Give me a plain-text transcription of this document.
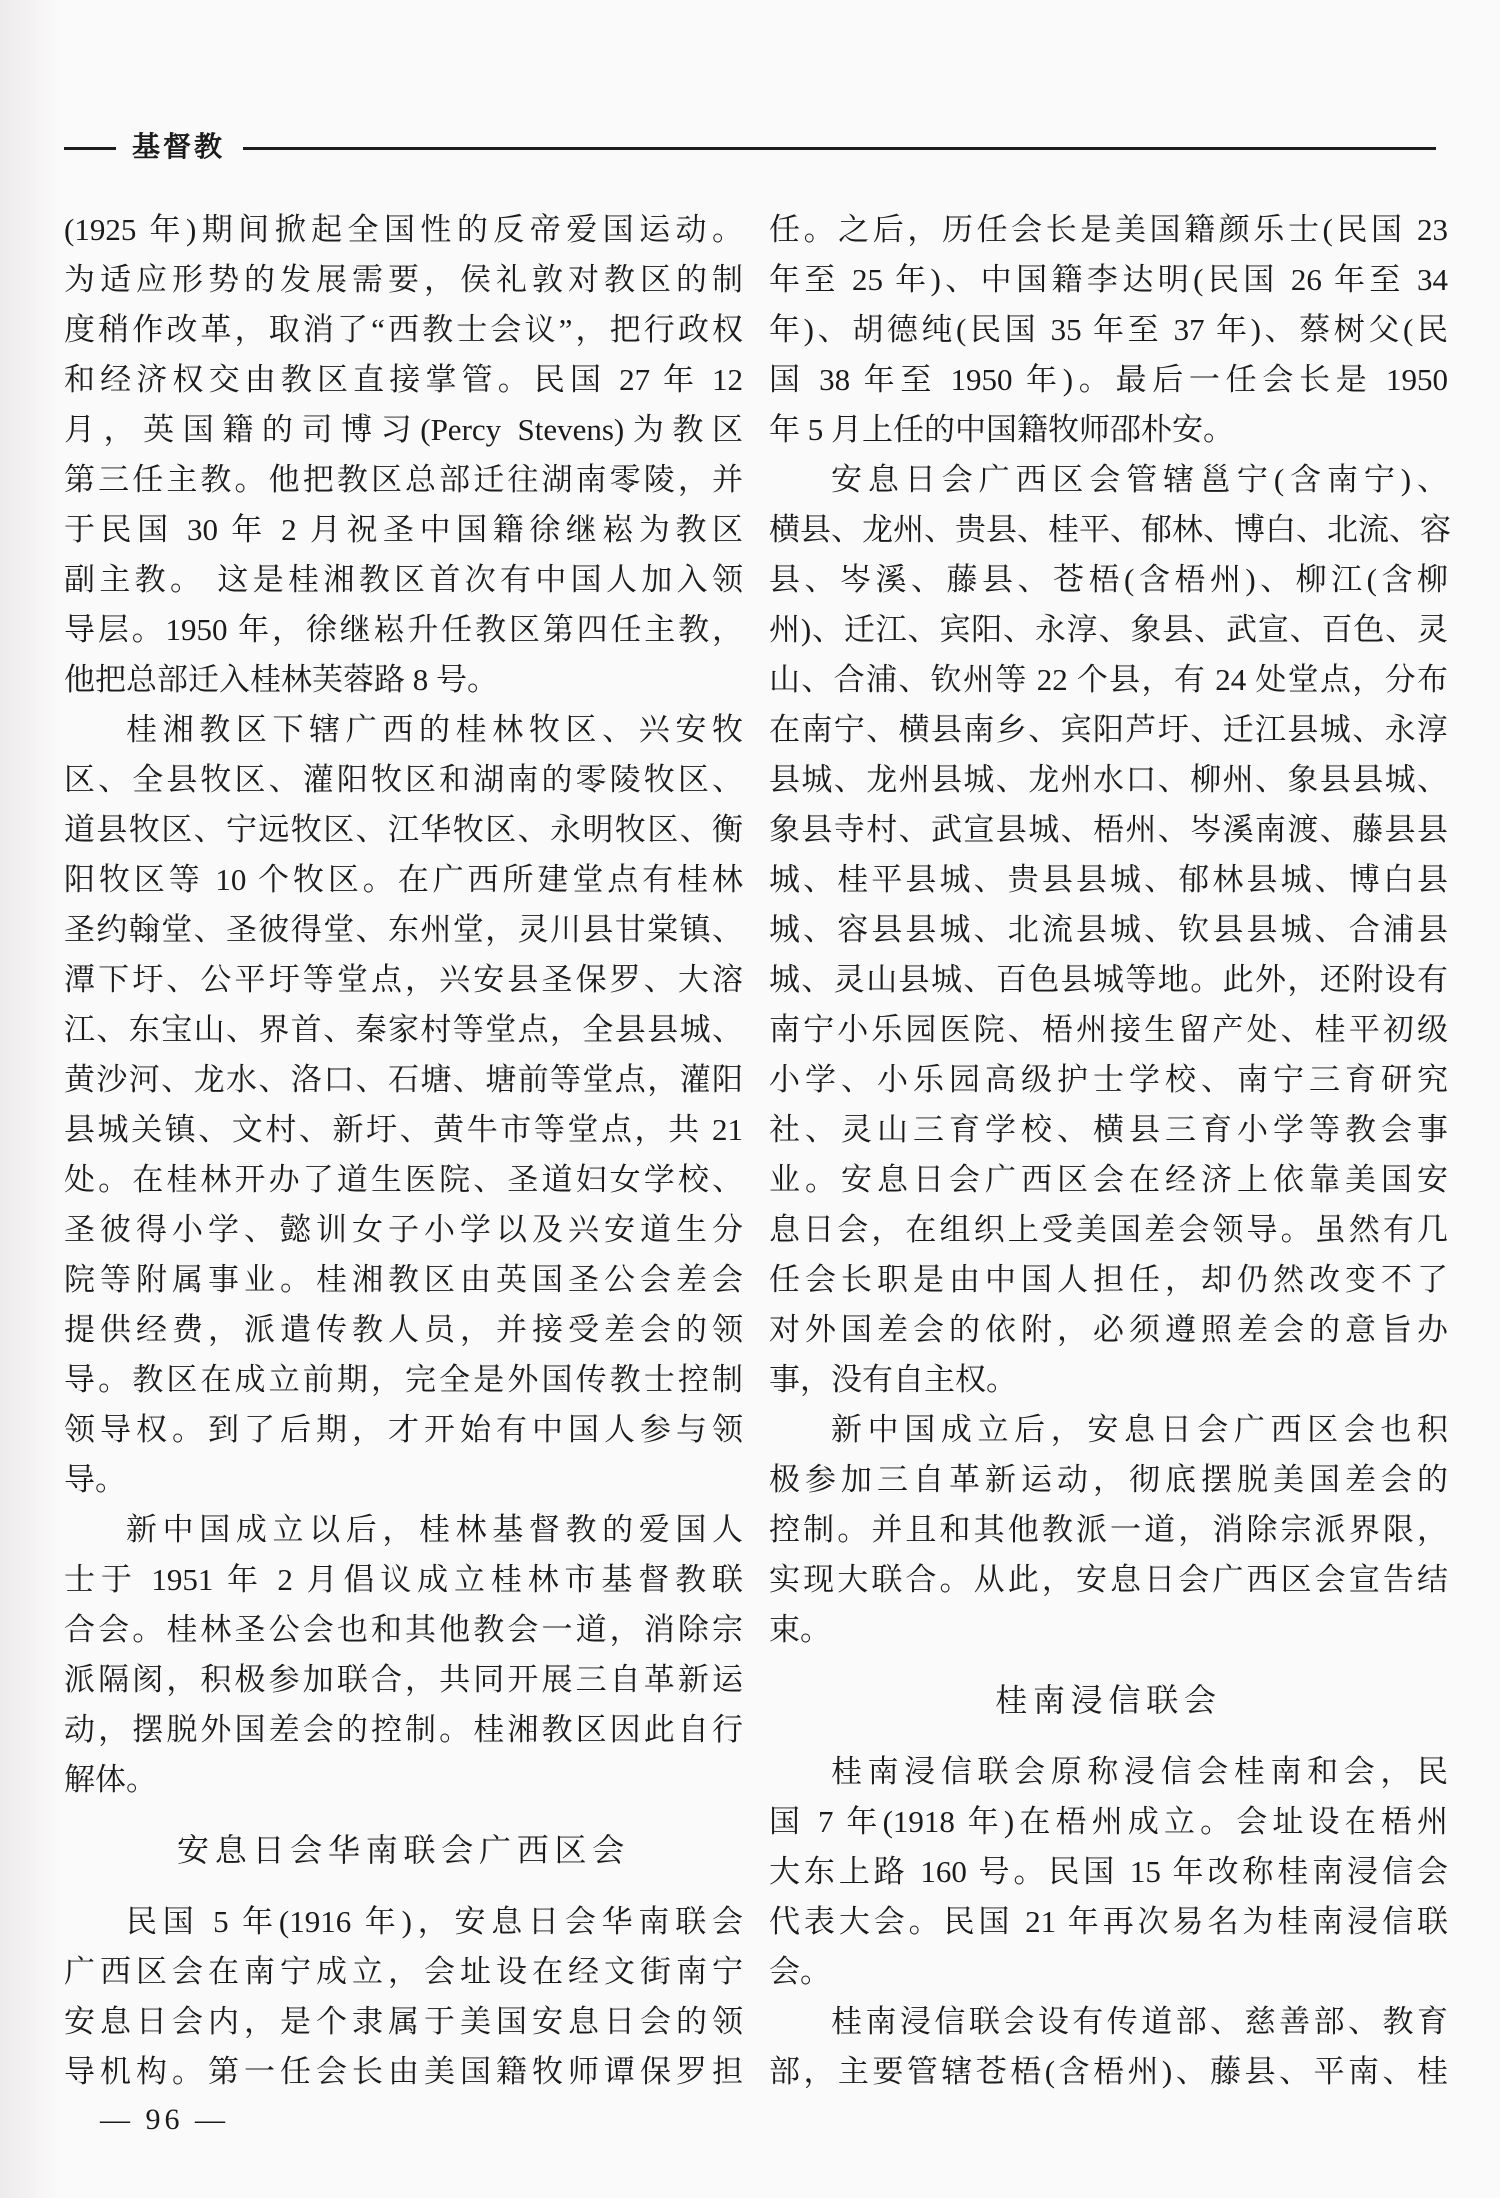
基督教
(1925 年)期间掀起全国性的反帝爱国运动。
为适应形势的发展需要，侯礼敦对教区的制
度稍作改革，取消了“西教士会议”，把行政权
和经济权交由教区直接掌管。民国 27 年 12
月，英国籍的司博习(Percy Stevens)为教区
第三任主教。他把教区总部迁往湖南零陵，并
于民国 30 年 2 月祝圣中国籍徐继崧为教区
副主教。 这是桂湘教区首次有中国人加入领
导层。1950 年，徐继崧升任教区第四任主教，
他把总部迁入桂林芙蓉路 8 号。
桂湘教区下辖广西的桂林牧区、兴安牧
区、全县牧区、灌阳牧区和湖南的零陵牧区、
道县牧区、宁远牧区、江华牧区、永明牧区、衡
阳牧区等 10 个牧区。在广西所建堂点有桂林
圣约翰堂、圣彼得堂、东州堂，灵川县甘棠镇、
潭下圩、公平圩等堂点，兴安县圣保罗、大溶
江、东宝山、界首、秦家村等堂点，全县县城、
黄沙河、龙水、洛口、石塘、塘前等堂点，灌阳
县城关镇、文村、新圩、黄牛市等堂点，共 21
处。在桂林开办了道生医院、圣道妇女学校、
圣彼得小学、懿训女子小学以及兴安道生分
院等附属事业。桂湘教区由英国圣公会差会
提供经费，派遣传教人员，并接受差会的领
导。教区在成立前期，完全是外国传教士控制
领导权。到了后期，才开始有中国人参与领
导。
新中国成立以后，桂林基督教的爱国人
士于 1951 年 2 月倡议成立桂林市基督教联
合会。桂林圣公会也和其他教会一道，消除宗
派隔阂，积极参加联合，共同开展三自革新运
动，摆脱外国差会的控制。桂湘教区因此自行
解体。
安息日会华南联会广西区会
民国 5 年(1916 年)，安息日会华南联会
广西区会在南宁成立，会址设在经文街南宁
安息日会内，是个隶属于美国安息日会的领
导机构。第一任会长由美国籍牧师谭保罗担
任。之后，历任会长是美国籍颜乐士(民国 23
年至 25 年)、中国籍李达明(民国 26 年至 34
年)、胡德纯(民国 35 年至 37 年)、蔡树父(民
国 38 年至 1950 年)。最后一任会长是 1950
年 5 月上任的中国籍牧师邵朴安。
安息日会广西区会管辖邕宁(含南宁)、
横县、龙州、贵县、桂平、郁林、博白、北流、容
县、岑溪、藤县、苍梧(含梧州)、柳江(含柳
州)、迁江、宾阳、永淳、象县、武宣、百色、灵
山、合浦、钦州等 22 个县，有 24 处堂点，分布
在南宁、横县南乡、宾阳芦圩、迁江县城、永淳
县城、龙州县城、龙州水口、柳州、象县县城、
象县寺村、武宣县城、梧州、岑溪南渡、藤县县
城、桂平县城、贵县县城、郁林县城、博白县
城、容县县城、北流县城、钦县县城、合浦县
城、灵山县城、百色县城等地。此外，还附设有
南宁小乐园医院、梧州接生留产处、桂平初级
小学、小乐园高级护士学校、南宁三育研究
社、灵山三育学校、横县三育小学等教会事
业。安息日会广西区会在经济上依靠美国安
息日会，在组织上受美国差会领导。虽然有几
任会长职是由中国人担任，却仍然改变不了
对外国差会的依附，必须遵照差会的意旨办
事，没有自主权。
新中国成立后，安息日会广西区会也积
极参加三自革新运动，彻底摆脱美国差会的
控制。并且和其他教派一道，消除宗派界限，
实现大联合。从此，安息日会广西区会宣告结
束。
桂南浸信联会
桂南浸信联会原称浸信会桂南和会，民
国 7 年(1918 年)在梧州成立。会址设在梧州
大东上路 160 号。民国 15 年改称桂南浸信会
代表大会。民国 21 年再次易名为桂南浸信联
会。
桂南浸信联会设有传道部、慈善部、教育
部，主要管辖苍梧(含梧州)、藤县、平南、桂
— 96 —
